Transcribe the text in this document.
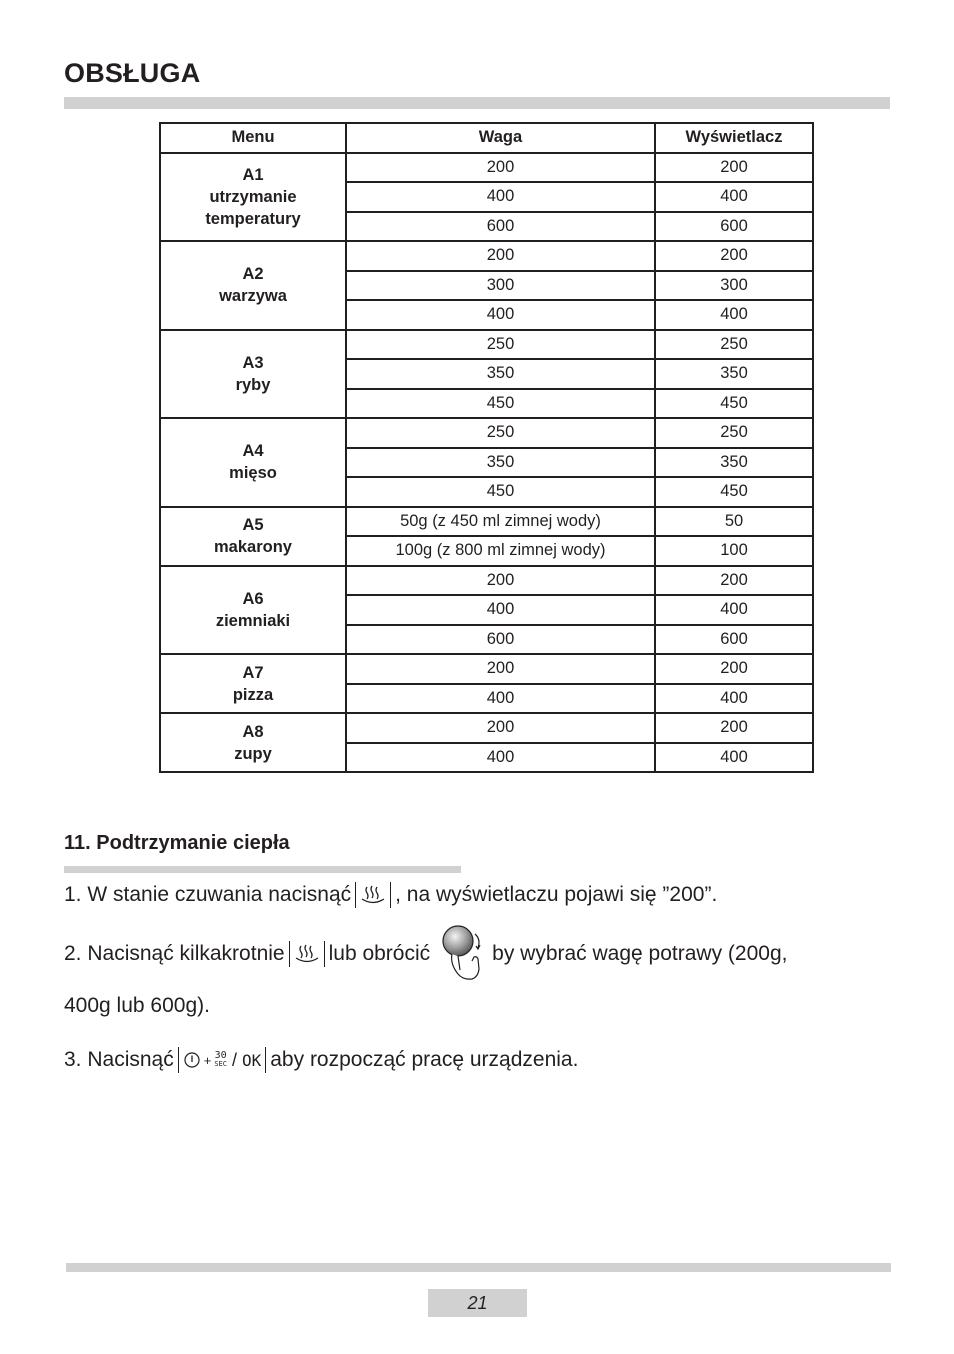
OBSŁUGA
Menu	Waga	Wyświetlacz

A1
utrzymanie
temperatury	200	200
	400	400
	600	600

A2
warzywa	200	200
	300	300
	400	400

A3
ryby	250	250
	350	350
	450	450

A4
mięso	250	250
	350	350
	450	450

A5
makarony	50g (z 450 ml zimnej wody)	50
	100g (z 800 ml zimnej wody)	100

A6
ziemniaki	200	200
	400	400
	600	600

A7
pizza	200	200
	400	400

A8
zupy	200	200
	400	400
11. Podtrzymanie ciepła
1. W stanie czuwania nacisnąć , na wyświetlaczu pojawi się ”200”.
2. Nacisnąć kilkakrotnie lub obrócić	by wybrać wagę potrawy (200g,
400g lub 600g).
3. Nacisnąć + 30
SEC / OK aby rozpocząć pracę urządzenia.
21
